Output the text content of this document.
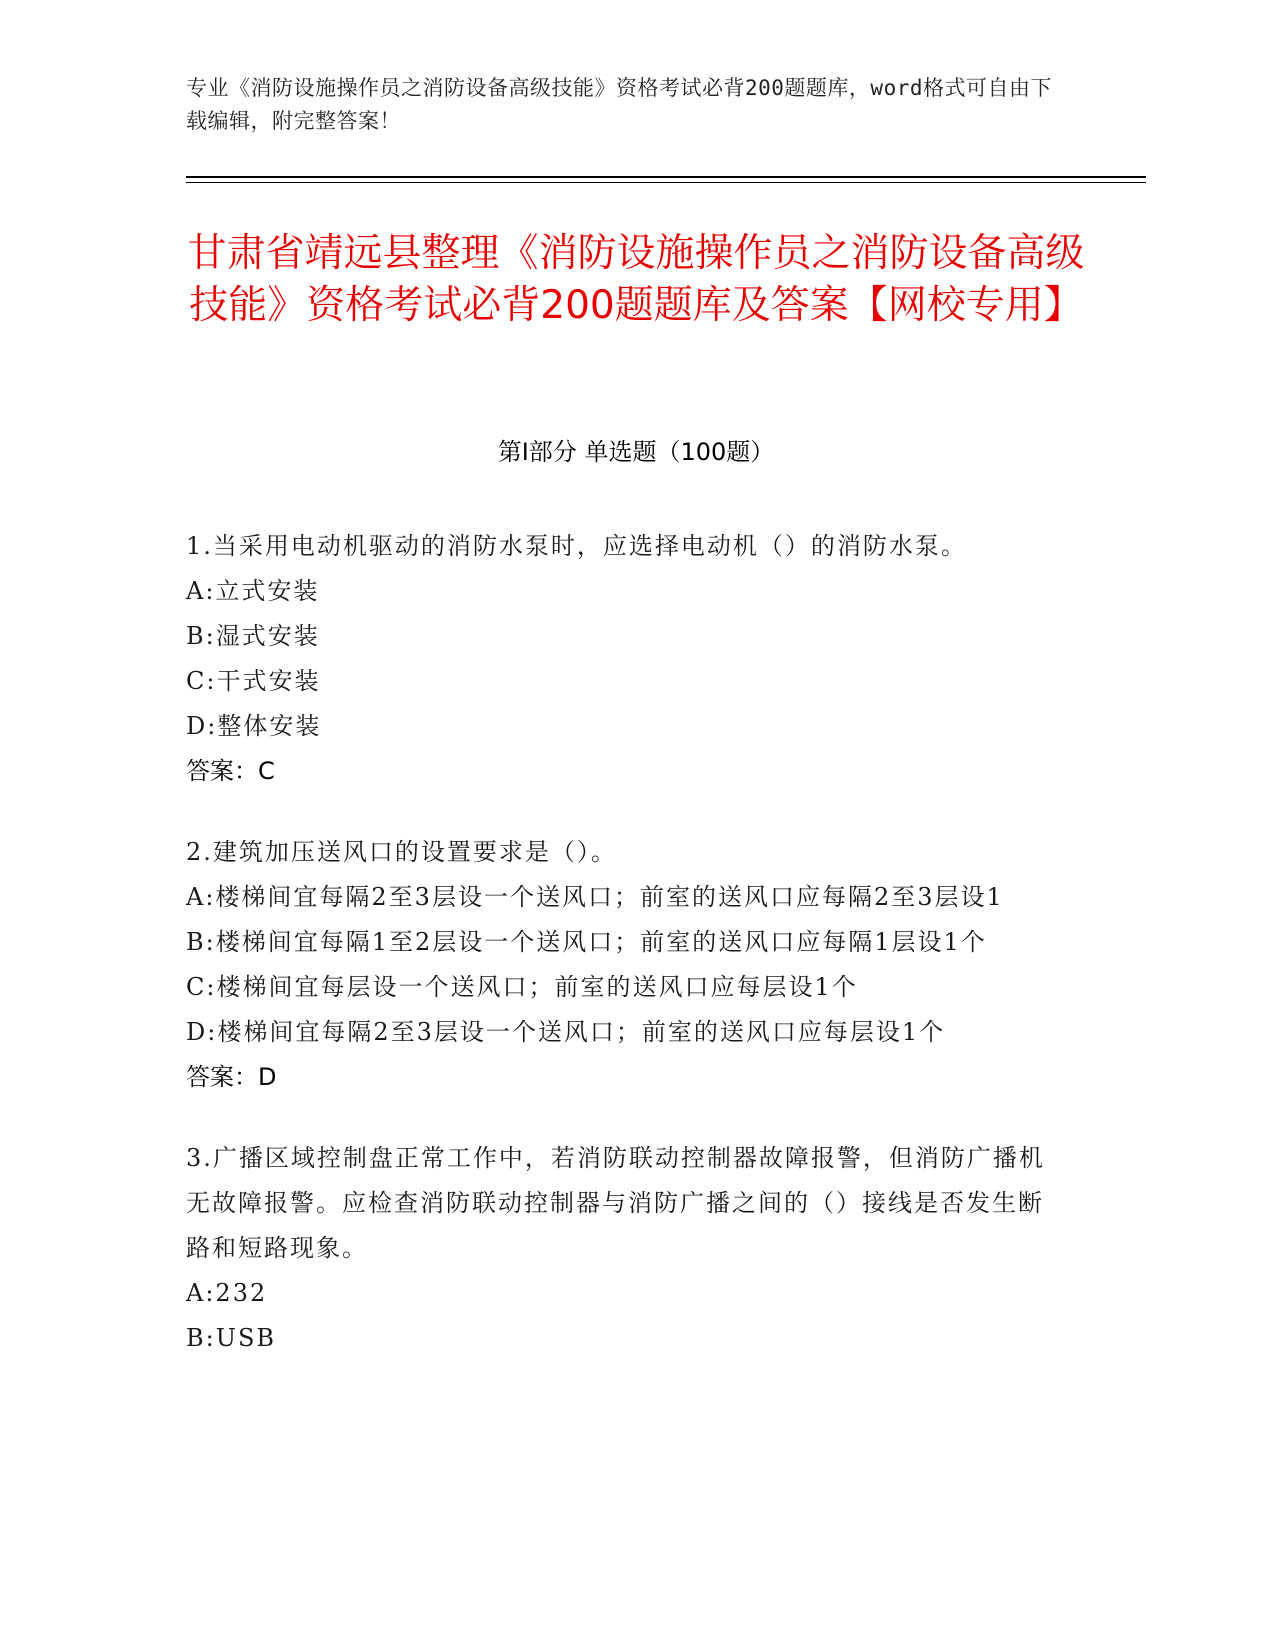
专业《消防设施操作员之消防设备高级技能》资格考试必背200题题库，word格式可自由下载编辑，附完整答案！
甘肃省靖远县整理《消防设施操作员之消防设备高级技能》资格考试必背200题题库及答案【网校专用】
第Ⅰ部分 单选题（100题）
1.当采用电动机驱动的消防水泵时，应选择电动机（）的消防水泵。
A:立式安装
B:湿式安装
C:干式安装
D:整体安装
答案：C
2.建筑加压送风口的设置要求是（）。
A:楼梯间宜每隔2至3层设一个送风口；前室的送风口应每隔2至3层设1
B:楼梯间宜每隔1至2层设一个送风口；前室的送风口应每隔1层设1个
C:楼梯间宜每层设一个送风口；前室的送风口应每层设1个
D:楼梯间宜每隔2至3层设一个送风口；前室的送风口应每层设1个
答案：D
3.广播区域控制盘正常工作中，若消防联动控制器故障报警，但消防广播机无故障报警。应检查消防联动控制器与消防广播之间的（）接线是否发生断路和短路现象。
A:232
B:USB
